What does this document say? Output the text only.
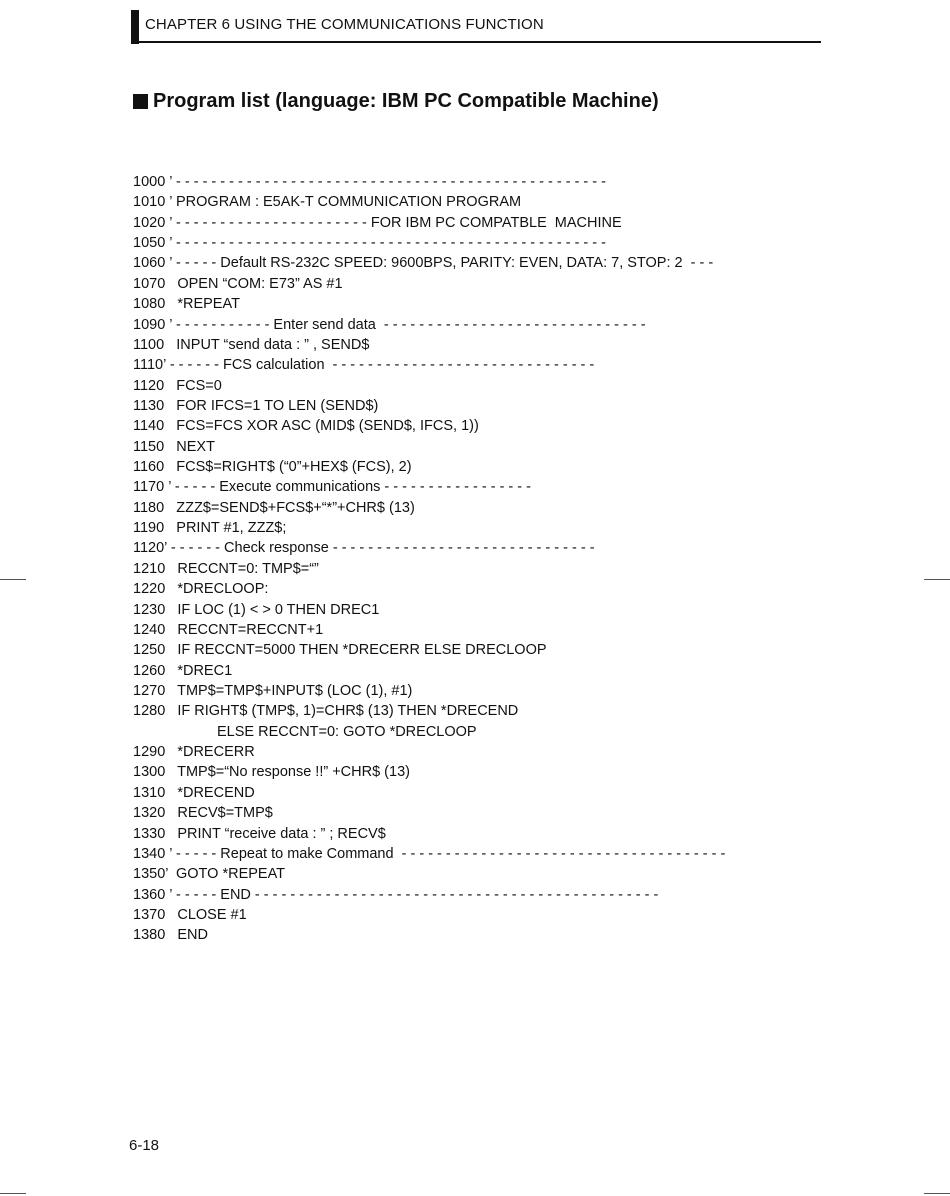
CHAPTER 6 USING THE COMMUNICATIONS FUNCTION
Program list (language: IBM PC Compatible Machine)
1000 ’ - - - - - - - - - - - - - - - - - - - - - - - - - - - - - - - - - - - - - - - - - - - - - - - - -
1010 ’ PROGRAM : E5AK-T COMMUNICATION PROGRAM
1020 ’ - - - - - - - - - - - - - - - - - - - - - - FOR IBM PC COMPATBLE  MACHINE
1050 ’ - - - - - - - - - - - - - - - - - - - - - - - - - - - - - - - - - - - - - - - - - - - - - - - - -
1060 ’ - - - - - Default RS-232C SPEED: 9600BPS, PARITY: EVEN, DATA: 7, STOP: 2  - - -
1070   OPEN “COM: E73” AS #1
1080   *REPEAT
1090 ’ - - - - - - - - - - - Enter send data  - - - - - - - - - - - - - - - - - - - - - - - - - - - - - -
1100   INPUT “send data : ” , SEND$
1110’ - - - - - - FCS calculation  - - - - - - - - - - - - - - - - - - - - - - - - - - - - - -
1120   FCS=0
1130   FOR IFCS=1 TO LEN (SEND$)
1140   FCS=FCS XOR ASC (MID$ (SEND$, IFCS, 1))
1150   NEXT
1160   FCS$=RIGHT$ (“0”+HEX$ (FCS), 2)
1170 ’ - - - - - Execute communications - - - - - - - - - - - - - - - - -
1180   ZZZ$=SEND$+FCS$+“*”+CHR$ (13)
1190   PRINT #1, ZZZ$;
1120’ - - - - - - Check response - - - - - - - - - - - - - - - - - - - - - - - - - - - - - -
1210   RECCNT=0: TMP$=“”
1220   *DRECLOOP:
1230   IF LOC (1) < > 0 THEN DREC1
1240   RECCNT=RECCNT+1
1250   IF RECCNT=5000 THEN *DRECERR ELSE DRECLOOP
1260   *DREC1
1270   TMP$=TMP$+INPUT$ (LOC (1), #1)
1280   IF RIGHT$ (TMP$, 1)=CHR$ (13) THEN *DRECEND
ELSE RECCNT=0: GOTO *DRECLOOP
1290   *DRECERR
1300   TMP$=“No response !!” +CHR$ (13)
1310   *DRECEND
1320   RECV$=TMP$
1330   PRINT “receive data : ” ; RECV$
1340 ’ - - - - - Repeat to make Command  - - - - - - - - - - - - - - - - - - - - - - - - - - - - - - - - - - - - -
1350’  GOTO *REPEAT
1360 ’ - - - - - END - - - - - - - - - - - - - - - - - - - - - - - - - - - - - - - - - - - - - - - - - - - - - -
1370   CLOSE #1
1380   END
6-18
